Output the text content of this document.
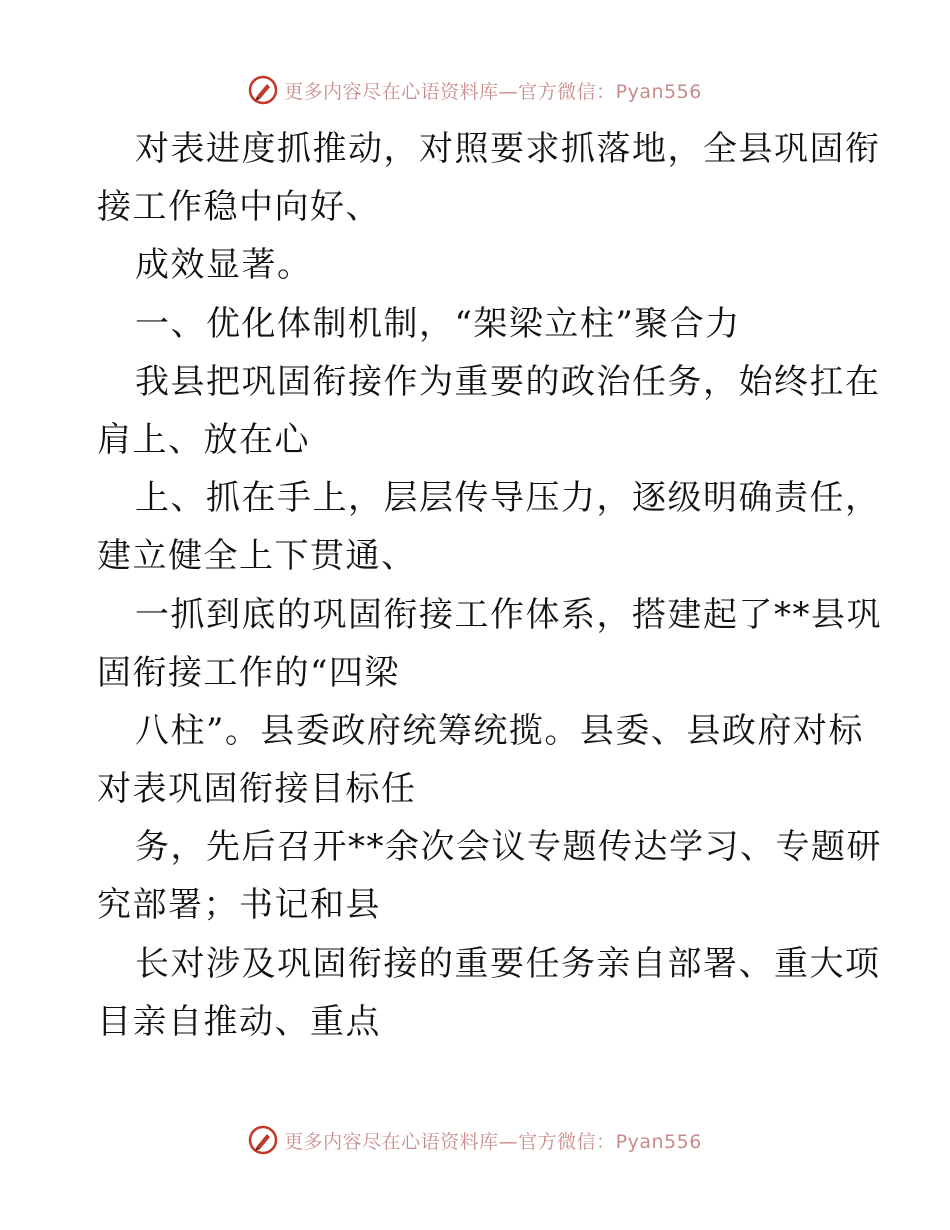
更多内容尽在心语资料库—官方微信：Pyan556
对表进度抓推动，对照要求抓落地，全县巩固衔
接工作稳中向好、
成效显著。
一、优化体制机制，“架梁立柱”聚合力
我县把巩固衔接作为重要的政治任务，始终扛在
肩上、放在心
上、抓在手上，层层传导压力，逐级明确责任，
建立健全上下贯通、
一抓到底的巩固衔接工作体系，搭建起了**县巩
固衔接工作的“四梁
八柱”。县委政府统筹统揽。县委、县政府对标
对表巩固衔接目标任
务，先后召开**余次会议专题传达学习、专题研
究部署；书记和县
长对涉及巩固衔接的重要任务亲自部署、重大项
目亲自推动、重点
更多内容尽在心语资料库—官方微信：Pyan556
